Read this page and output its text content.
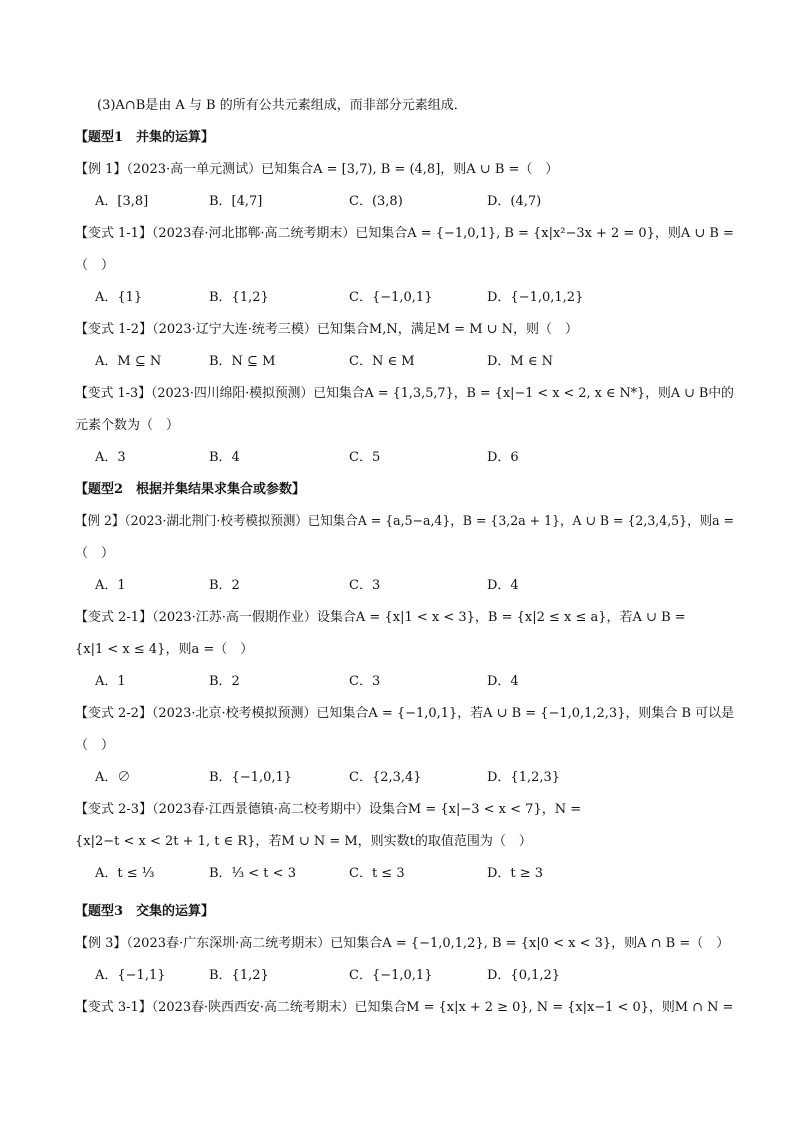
(3)A∩B是由 A 与 B 的所有公共元素组成，而非部分元素组成．
【题型1　并集的运算】
【例 1】（2023·高一单元测试）已知集合A = [3,7), B = (4,8]，则A ∪ B =（　）
A．[3,8]	B．[4,7]	C．(3,8)	D．(4,7)
【变式 1-1】（2023春·河北邯郸·高二统考期末）已知集合A = {−1,0,1}, B = {x|x²−3x + 2 = 0}，则A ∪ B =
（　）
A．{1}	B．{1,2}	C．{−1,0,1}	D．{−1,0,1,2}
【变式 1-2】（2023·辽宁大连·统考三模）已知集合M,N，满足M = M ∪ N，则（　）
A．M ⊆ N	B．N ⊆ M	C．N ∈ M	D．M ∈ N
【变式 1-3】（2023·四川绵阳·模拟预测）已知集合A = {1,3,5,7}，B = {x|−1 < x < 2, x ∈ N*}，则A ∪ B中的
元素个数为（　）
A．3	B．4	C．5	D．6
【题型2　根据并集结果求集合或参数】
【例 2】（2023·湖北荆门·校考模拟预测）已知集合A = {a,5−a,4}，B = {3,2a + 1}，A ∪ B = {2,3,4,5}，则a =
（　）
A．1	B．2	C．3	D．4
【变式 2-1】（2023·江苏·高一假期作业）设集合A = {x|1 < x < 3}，B = {x|2 ≤ x ≤ a}，若A ∪ B =
{x|1 < x ≤ 4}，则a =（　）
A．1	B．2	C．3	D．4
【变式 2-2】（2023·北京·校考模拟预测）已知集合A = {−1,0,1}，若A ∪ B = {−1,0,1,2,3}，则集合 B 可以是
（　）
A．∅	B．{−1,0,1}	C．{2,3,4}	D．{1,2,3}
【变式 2-3】（2023春·江西景德镇·高二校考期中）设集合M = {x|−3 < x < 7}，N =
{x|2−t < x < 2t + 1, t ∈ R}，若M ∪ N = M，则实数t的取值范围为（　）
A．t ≤ ⅓	B．⅓ < t < 3	C．t ≤ 3	D．t ≥ 3
【题型3　交集的运算】
【例 3】（2023春·广东深圳·高二统考期末）已知集合A = {−1,0,1,2}, B = {x|0 < x < 3}，则A ∩ B =（　）
A．{−1,1}	B．{1,2}	C．{−1,0,1}	D．{0,1,2}
【变式 3-1】（2023春·陕西西安·高二统考期末）已知集合M = {x|x + 2 ≥ 0}, N = {x|x−1 < 0}，则M ∩ N =
